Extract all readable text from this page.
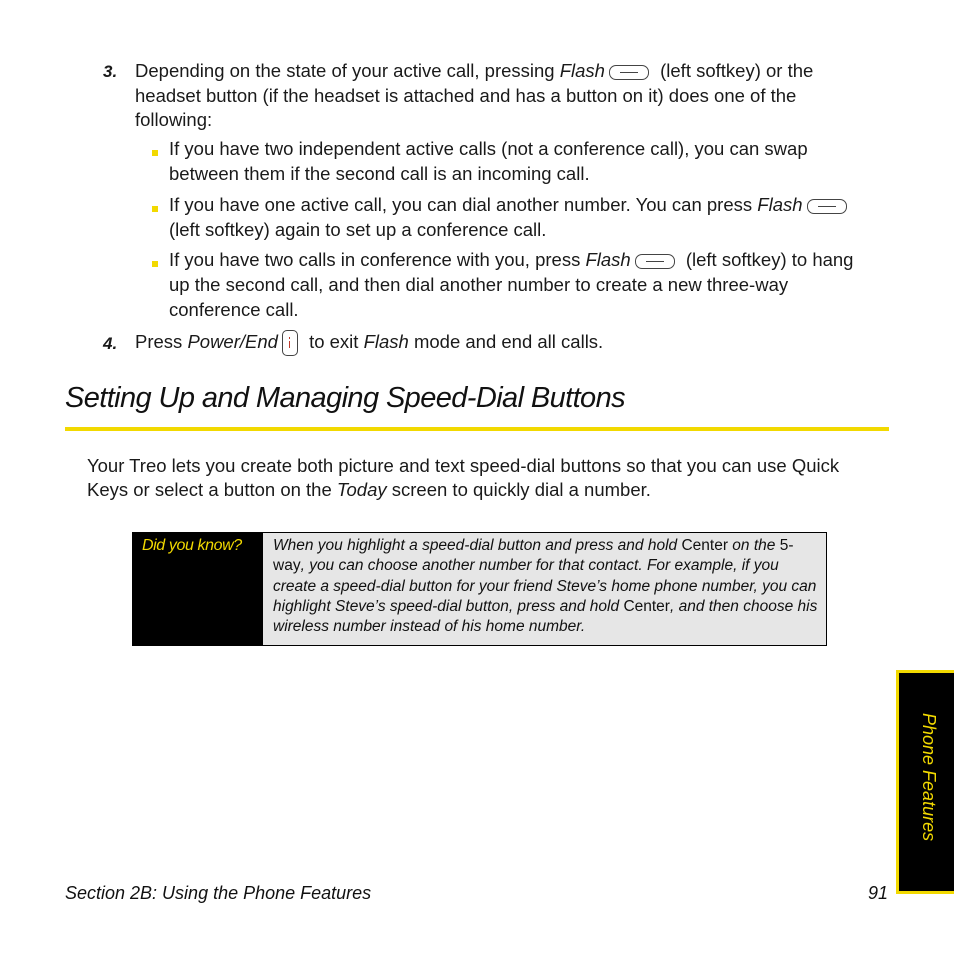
3. Depending on the state of your active call, pressing Flash	(left softkey) or the

headset button (if the headset is attached and has a button on it) does one of the

following:

If you have two independent active calls (not a conference call), you can swap

between them if the second call is an incoming call.

If you have one active call, you can dial another number. You can press Flash

(left softkey) again to set up a conference call.

If you have two calls in conference with you, press Flash	(left softkey) to hang

up the second call, and then dial another number to create a new three-way

conference call.

4. Press Power/End to exit Flash mode and end all calls.

Setting Up and Managing Speed-Dial Buttons

Your Treo lets you create both picture and text speed-dial buttons so that you can use Quick

Keys or select a button on the Today screen to quickly dial a number.

Did you know? When you highlight a speed-dial button and press and hold Center on the 5-way, you can choose another number for that contact. For example, if you create a speed-dial button for your friend Steve’s home phone number, you can highlight Steve’s speed-dial button, press and hold Center, and then choose his wireless number instead of his home number.

Phone Features
Section 2B: Using the Phone Features	91
